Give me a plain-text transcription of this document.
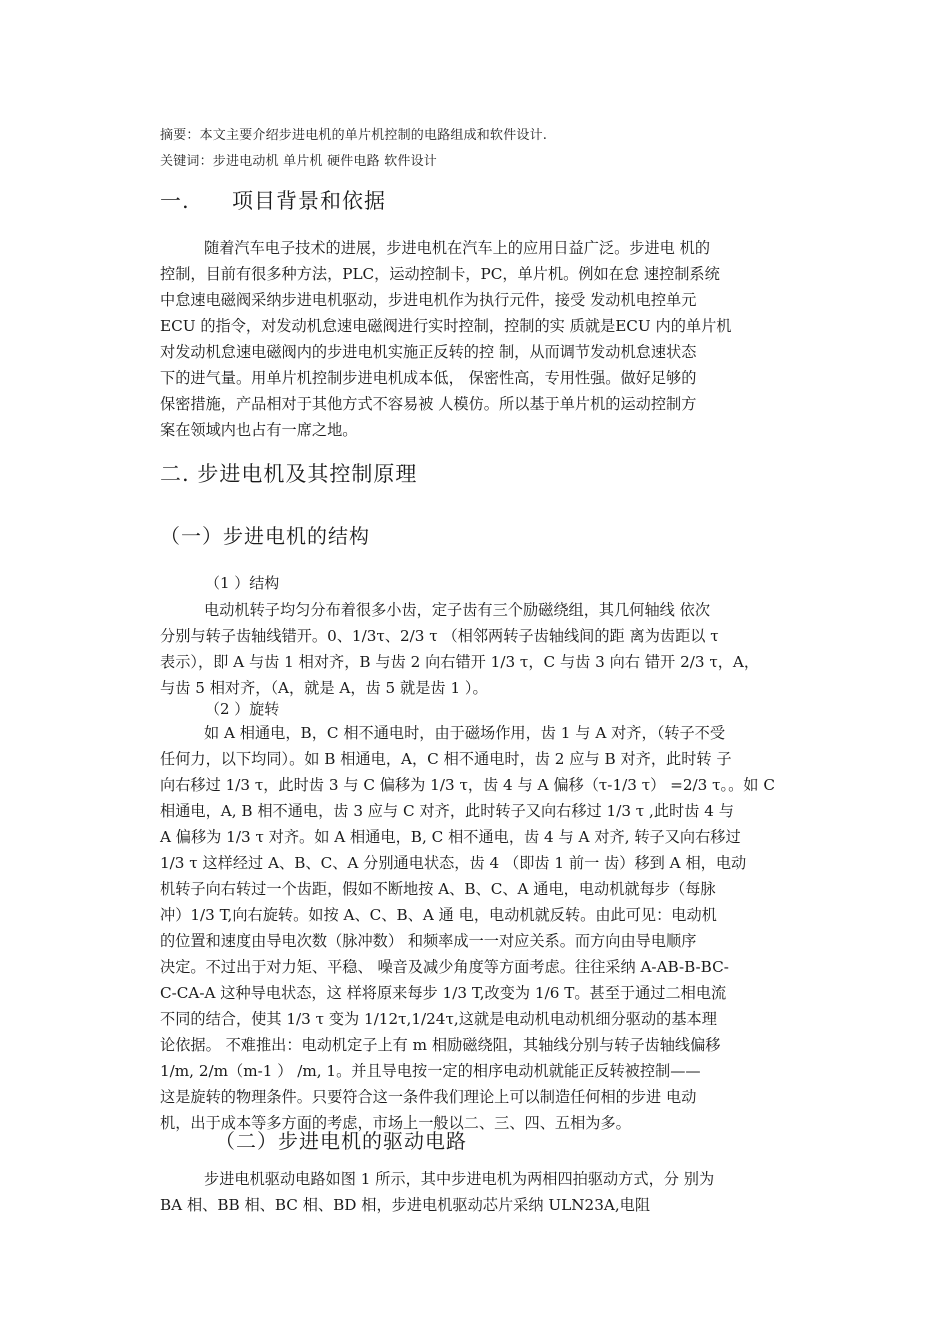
摘要：本文主要介绍步进电机的单片机控制的电路组成和软件设计.
关键词：步进电动机 单片机 硬件电路 软件设计
一. 项目背景和依据
随着汽车电子技术的进展，步进电机在汽车上的应用日益广泛。步进电 机的
控制，目前有很多种方法，PLC，运动控制卡，PC，单片机。例如在怠 速控制系统
中怠速电磁阀采纳步进电机驱动，步进电机作为执行元件，接受 发动机电控单元
ECU 的指令，对发动机怠速电磁阀进行实时控制，控制的实 质就是ECU 内的单片机
对发动机怠速电磁阀内的步进电机实施正反转的控 制，从而调节发动机怠速状态
下的进气量。用单片机控制步进电机成本低， 保密性高，专用性强。做好足够的
保密措施，产品相对于其他方式不容易被 人模仿。所以基于单片机的运动控制方
案在领域内也占有一席之地。
二. 步进电机及其控制原理
（一）步进电机的结构
（1 ）结构
电动机转子均匀分布着很多小齿，定子齿有三个励磁绕组，其几何轴线 依次
分别与转子齿轴线错开。0、1/3τ、2/3 τ （相邻两转子齿轴线间的距 离为齿距以 τ
表示），即 A 与齿 1 相对齐，B 与齿 2 向右错开 1/3 τ，C 与齿 3 向右 错开 2/3 τ，A，
与齿 5 相对齐，（A，就是 A，齿 5 就是齿 1 ）。
（2 ）旋转
如 A 相通电，B，C 相不通电时，由于磁场作用，齿 1 与 A 对齐，（转子不受
任何力，以下均同）。如 B 相通电，A，C 相不通电时，齿 2 应与 B 对齐，此时转 子
向右移过 1/3 τ，此时齿 3 与 C 偏移为 1/3 τ，齿 4 与 A 偏移（τ-1/3 τ） =2/3 τ。。如 C
相通电，A, B 相不通电，齿 3 应与 C 对齐，此时转子又向右移过 1/3 τ ,此时齿 4 与
A 偏移为 1/3 τ 对齐。如 A 相通电，B, C 相不通电，齿 4 与 A 对齐, 转子又向右移过
1/3 τ 这样经过 A、B、C、A 分别通电状态，齿 4 （即齿 1 前一 齿）移到 A 相，电动
机转子向右转过一个齿距，假如不断地按 A、B、C、A 通电，电动机就每步（每脉
冲）1/3 T,向右旋转。如按 A、C、B、A 通 电，电动机就反转。由此可见：电动机
的位置和速度由导电次数（脉冲数） 和频率成一一对应关系。而方向由导电顺序
决定。不过出于对力矩、平稳、 噪音及减少角度等方面考虑。往往采纳 A-AB-B-BC-
C-CA-A 这种导电状态，这 样将原来每步 1/3 T,改变为 1/6 T。甚至于通过二相电流
不同的结合，使其 1/3 τ 变为 1/12τ,1/24τ,这就是电动机电动机细分驱动的基本理
论依据。 不难推出：电动机定子上有 m 相励磁绕阻，其轴线分别与转子齿轴线偏移
1/m, 2/m（m-1 ） /m, 1。并且导电按一定的相序电动机就能正反转被控制——
这是旋转的物理条件。只要符合这一条件我们理论上可以制造任何相的步进 电动
机，出于成本等多方面的考虑，市场上一般以二、三、四、五相为多。
（二）步进电机的驱动电路
步进电机驱动电路如图 1 所示，其中步进电机为两相四拍驱动方式，分 别为
BA 相、BB 相、BC 相、BD 相，步进电机驱动芯片采纳 ULN23A,电阻
